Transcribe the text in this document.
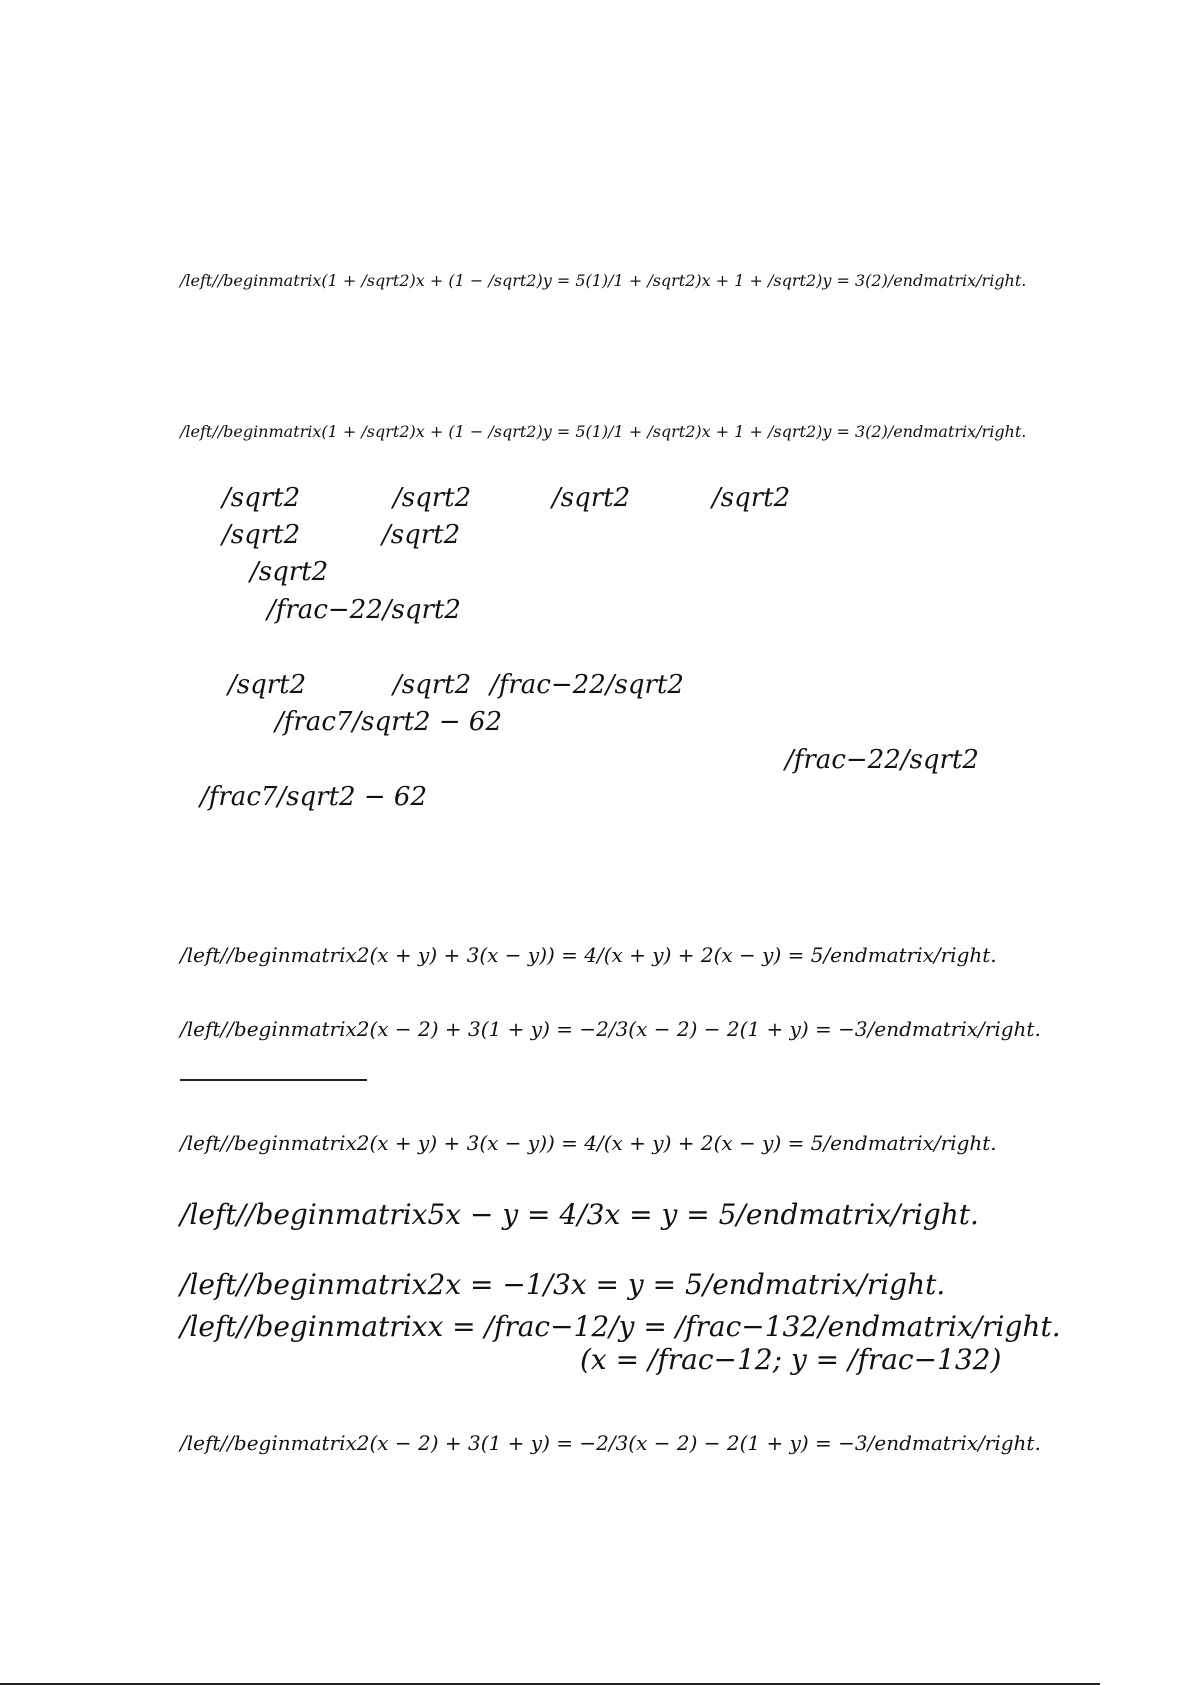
/left//beginmatrix(1 + /sqrt2)x + (1 − /sqrt2)y = 5(1)/1 + /sqrt2)x + 1 + /sqrt2)y = 3(2)/endmatrix/right.
/left//beginmatrix(1 + /sqrt2)x + (1 − /sqrt2)y = 5(1)/1 + /sqrt2)x + 1 + /sqrt2)y = 3(2)/endmatrix/right.
/sqrt2	/sqrt2	/sqrt2	/sqrt2
/sqrt2	/sqrt2
/sqrt2
/frac−22/sqrt2
/sqrt2	/sqrt2 /frac−22/sqrt2
/frac7/sqrt2 − 62
/frac−22/sqrt2
/frac7/sqrt2 − 62
/left//beginmatrix2(x + y) + 3(x − y)) = 4/(x + y) + 2(x − y) = 5/endmatrix/right.
/left//beginmatrix2(x − 2) + 3(1 + y) = −2/3(x − 2) − 2(1 + y) = −3/endmatrix/right.
/left//beginmatrix2(x + y) + 3(x − y)) = 4/(x + y) + 2(x − y) = 5/endmatrix/right.
/left//beginmatrix5x − y = 4/3x = y = 5/endmatrix/right.
/left//beginmatrix2x = −1/3x = y = 5/endmatrix/right.
/left//beginmatrixx = /frac−12/y = /frac−132/endmatrix/right.
(x = /frac−12; y = /frac−132)
/left//beginmatrix2(x − 2) + 3(1 + y) = −2/3(x − 2) − 2(1 + y) = −3/endmatrix/right.
